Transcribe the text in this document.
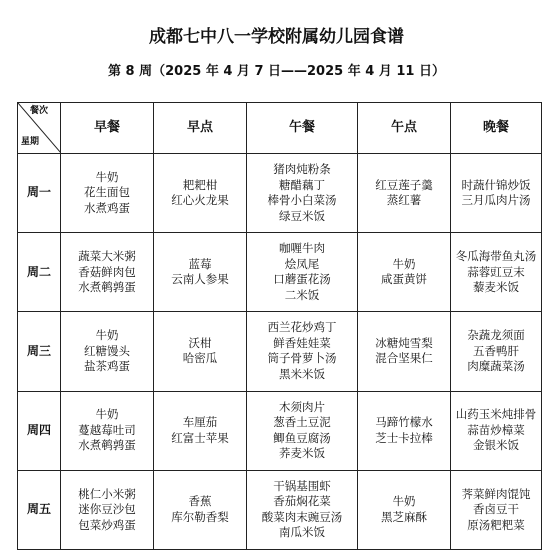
成都七中八一学校附属幼儿园食谱
第 8 周（2025 年 4 月 7 日——2025 年 4 月 11 日）
餐次
星期	早餐	早点	午餐	午点	晚餐
周一	牛奶
花生面包
水煮鸡蛋	耙耙柑
红心火龙果	猪肉炖粉条
糖醋藕丁
棒骨小白菜汤
绿豆米饭	红豆莲子羹
蒸红薯	时蔬什锦炒饭
三月瓜肉片汤

周二	蔬菜大米粥
香菇鲜肉包
水煮鹌鹑蛋	蓝莓
云南人参果	咖喱牛肉
烩凤尾
口蘑蛋花汤
二米饭	牛奶
咸蛋黄饼	冬瓜海带鱼丸汤
蒜蓉豇豆末
藜麦米饭

周三	牛奶
红糖馒头
盐茶鸡蛋	沃柑
哈密瓜	西兰花炒鸡丁
鲜香娃娃菜
筒子骨萝卜汤
黑米米饭	冰糖炖雪梨
混合坚果仁	杂蔬龙须面
五香鸭肝
肉糜蔬菜汤

周四	牛奶
蔓越莓吐司
水煮鹌鹑蛋	车厘茄
红富士苹果	木须肉片
葱香土豆泥
鲫鱼豆腐汤
荞麦米饭	马蹄竹檬水
芝士卡拉棒	山药玉米炖排骨
蒜苗炒樟菜
金银米饭

周五	桃仁小米粥
迷你豆沙包
包菜炒鸡蛋	香蕉
库尔勒香梨	干锅基围虾
香茄焖花菜
酸菜肉末豌豆汤
南瓜米饭	牛奶
黑芝麻酥	荠菜鲜肉馄饨
香卤豆干
原汤粑粑菜
